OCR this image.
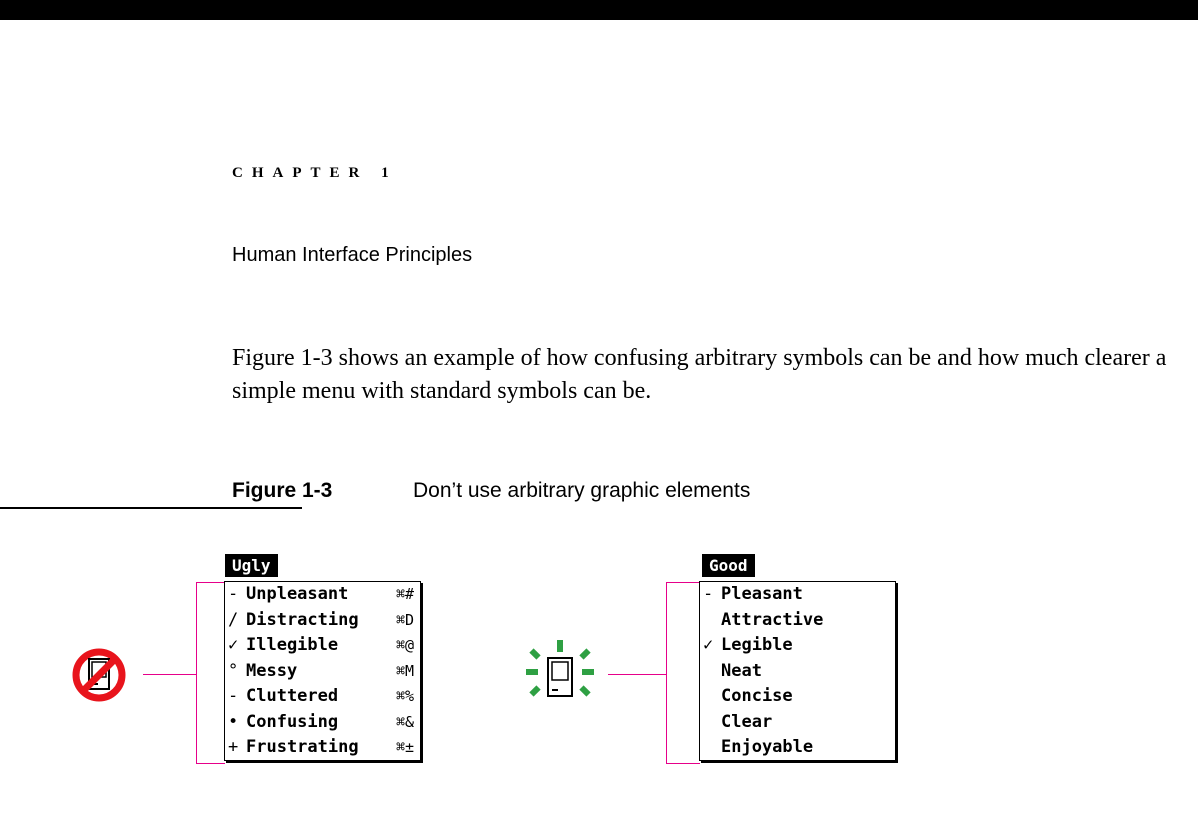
CHAPTER 1
Human Interface Principles
Figure 1-3 shows an example of how confusing arbitrary symbols can be and how much clearer a simple menu with standard symbols can be.
Figure 1-3	Don’t use arbitrary graphic elements
Ugly
- Unpleasant	⌘#
/ Distracting ⌘D
✓ Illegible	⌘@
° Messy	⌘M
- Cluttered	⌘%
• Confusing	⌘&
+ Frustrating ⌘±
Good
- Pleasant
Attractive
✓ Legible
Neat
Concise
Clear
Enjoyable
